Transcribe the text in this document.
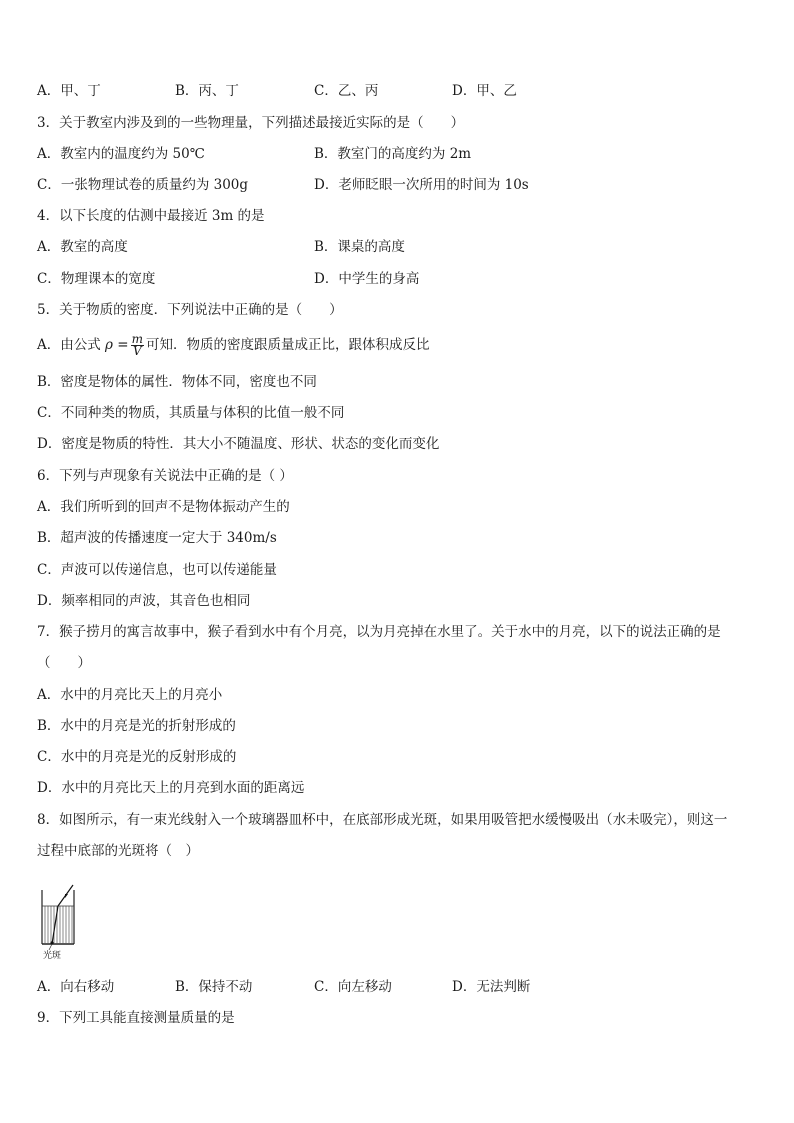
A．甲、丁	B．丙、丁	C．乙、丙	D．甲、乙
3．关于教室内涉及到的一些物理量，下列描述最接近实际的是（　　）
A．教室内的温度约为 50℃	B．教室门的高度约为 2m
C．一张物理试卷的质量约为 300g	D．老师眨眼一次所用的时间为 10s
4．以下长度的估测中最接近 3m 的是
A．教室的高度	B．课桌的高度
C．物理课本的宽度	D．中学生的身高
5．关于物质的密度．下列说法中正确的是（　　）
A．由公式 $\rho = \frac{m}{V}$ 可知．物质的密度跟质量成正比，跟体积成反比
B．密度是物体的属性．物体不同，密度也不同
C．不同种类的物质，其质量与体积的比值一般不同
D．密度是物质的特性．其大小不随温度、形状、状态的变化而变化
6．下列与声现象有关说法中正确的是（ ）
A．我们所听到的回声不是物体振动产生的
B．超声波的传播速度一定大于 340m/s
C．声波可以传递信息，也可以传递能量
D．频率相同的声波，其音色也相同
7．猴子捞月的寓言故事中，猴子看到水中有个月亮，以为月亮掉在水里了。关于水中的月亮，以下的说法正确的是
（　　）
A．水中的月亮比天上的月亮小
B．水中的月亮是光的折射形成的
C．水中的月亮是光的反射形成的
D．水中的月亮比天上的月亮到水面的距离远
8．如图所示，有一束光线射入一个玻璃器皿杯中，在底部形成光斑，如果用吸管把水缓慢吸出（水未吸完），则这一
过程中底部的光斑将（　）
光斑
A．向右移动	B．保持不动	C．向左移动	D．无法判断
9．下列工具能直接测量质量的是
